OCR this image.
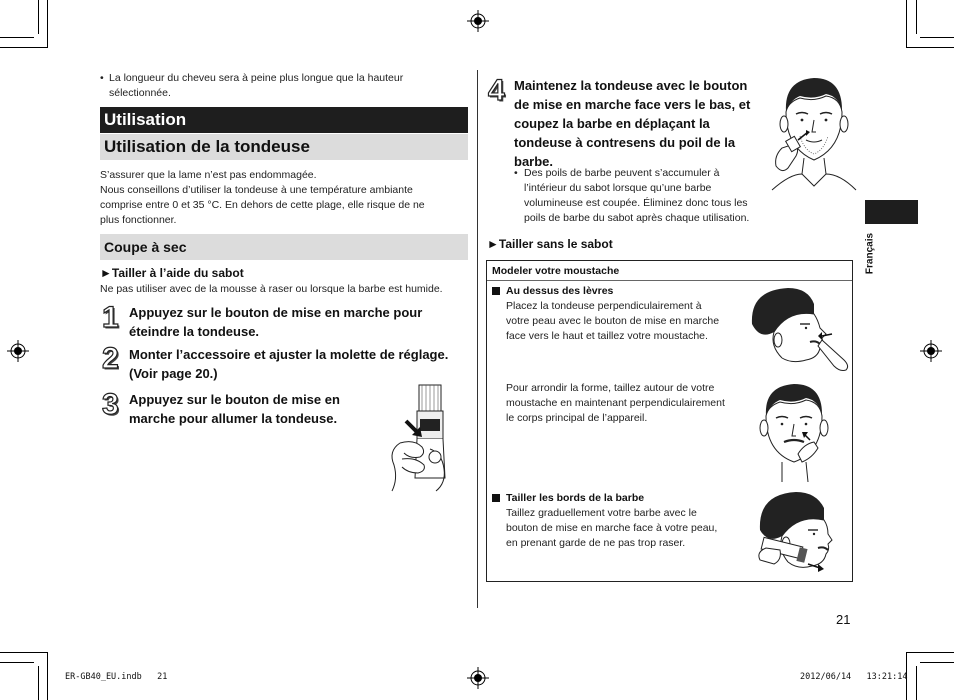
• La longueur du cheveu sera à peine plus longue que la hauteur sélectionnée.
Utilisation
Utilisation de la tondeuse
S’assurer que la lame n’est pas endommagée.
Nous conseillons d’utiliser la tondeuse à une température ambiante
comprise entre 0 et 35 °C. En dehors de cette plage, elle risque de ne
plus fonctionner.
Coupe à sec
►Tailler à l’aide du sabot
Ne pas utiliser avec de la mousse à raser ou lorsque la barbe est humide.
1 Appuyez sur le bouton de mise en marche pour
éteindre la tondeuse.
2 Monter l’accessoire et ajuster la molette de réglage.
(Voir page 20.)
3 Appuyez sur le bouton de mise en
marche pour allumer la tondeuse.
4 Maintenez la tondeuse avec le bouton
de mise en marche face vers le bas, et
coupez la barbe en déplaçant la
tondeuse à contresens du poil de la
barbe.
• Des poils de barbe peuvent s’accumuler à
l’intérieur du sabot lorsque qu’une barbe
volumineuse est coupée. Éliminez donc tous les
poils de barbe du sabot après chaque utilisation.
►Tailler sans le sabot
Modeler votre moustache
Au dessus des lèvres
Placez la tondeuse perpendiculairement à
votre peau avec le bouton de mise en marche
face vers le haut et taillez votre moustache.
Pour arrondir la forme, taillez autour de votre
moustache en maintenant perpendiculairement
le corps principal de l’appareil.
Tailler les bords de la barbe
Taillez graduellement votre barbe avec le
bouton de mise en marche face à votre peau,
en prenant garde de ne pas trop raser.
Français
21
ER-GB40_EU.indb   21	2012/06/14   13:21:14
